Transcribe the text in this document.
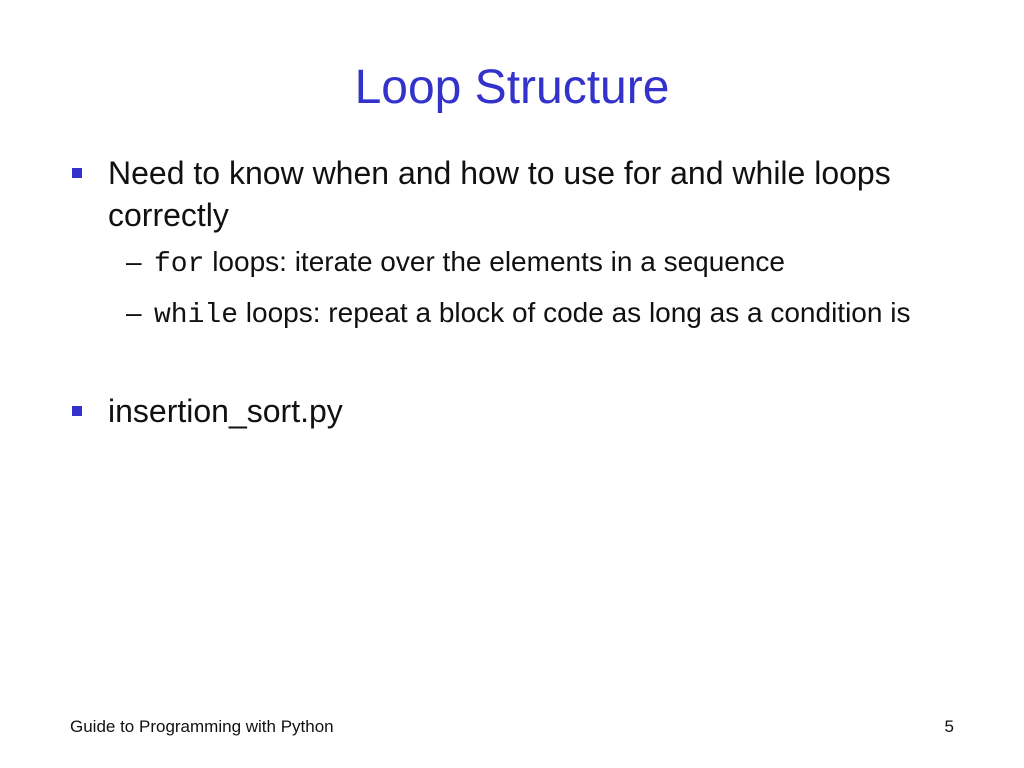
Loop Structure
Need to know when and how to use for and while loops correctly
– for loops: iterate over the elements in a sequence
– while loops: repeat a block of code as long as a condition is
insertion_sort.py
Guide to Programming with Python	5
